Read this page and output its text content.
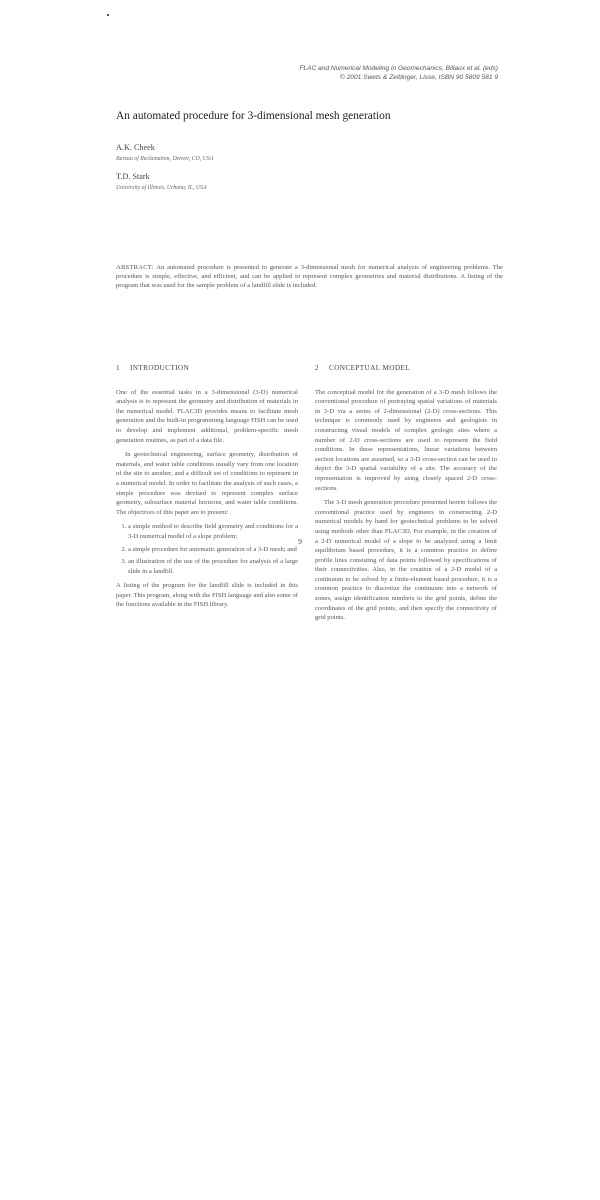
FLAC and Numerical Modeling in Geomechanics, Billaux et al. (eds)
© 2001 Swets & Zeitlinger, Lisse, ISBN 90 5809 581 9
An automated procedure for 3-dimensional mesh generation
A.K. Cheek
Bureau of Reclamation, Denver, CO, USA
T.D. Stark
University of Illinois, Urbana, IL, USA
ABSTRACT: An automated procedure is presented to generate a 3-dimensional mesh for numerical analysis of engineering problems. The procedure is simple, effective, and efficient, and can be applied to represent complex geometries and material distributions. A listing of the program that was used for the sample problem of a landfill slide is included.
1 INTRODUCTION

One of the essential tasks in a 3-dimensional (3-D) numerical analysis is to represent the geometry and distribution of materials in the numerical model. FLAC3D provides means to facilitate mesh generation and the built-in programming language FISH can be used to develop and implement additional, problem-specific mesh generation routines, as part of a data file.

In geotechnical engineering, surface geometry, distribution of materials, and water table conditions usually vary from one location of the site to another, and a difficult set of conditions to represent in a numerical model. In order to facilitate the analysis of such cases, a simple procedure was devised to represent complex surface geometry, subsurface material horizons, and water table conditions. The objectives of this paper are to present:

1. a simple method to describe field geometry and conditions for a 3-D numerical model of a slope problem;
2. a simple procedure for automatic generation of a 3-D mesh; and
3. an illustration of the use of the procedure for analysis of a large slide in a landfill.

A listing of the program for the landfill slide is included in this paper. This program, along with the FISH language and also some of the functions available in the FISH library.

2 CONCEPTUAL MODEL

The conceptual model for the generation of a 3-D mesh follows the conventional procedure of portraying spatial variations of materials in 3-D via a series of 2-dimensional (2-D) cross-sections. This technique is commonly used by engineers and geologists in constructing visual models of complex geologic sites where a number of 2-D cross-sections are used to represent the field conditions. In these representations, linear variations between section locations are assumed, so a 3-D cross-section can be used to depict the 3-D spatial variability of a site. The accuracy of the representation is improved by using closely spaced 2-D cross-sections.

The 3-D mesh generation procedure presented herein follows the conventional practice used by engineers in constructing 2-D numerical models by hand for geotechnical problems to be solved using methods other than FLAC3D. For example, in the creation of a 2-D numerical model of a slope to be analyzed using a limit equilibrium based procedure, it is a common practice to define profile lines consisting of data points followed by specifications of their connectivities. Also, in the creation of a 2-D model of a continuum to be solved by a finite-element based procedure, it is a common practice to discretize the continuum into a network of zones, assign identification numbers to the grid points, define the coordinates of the grid points, and then specify the connectivity of grid points.

9
